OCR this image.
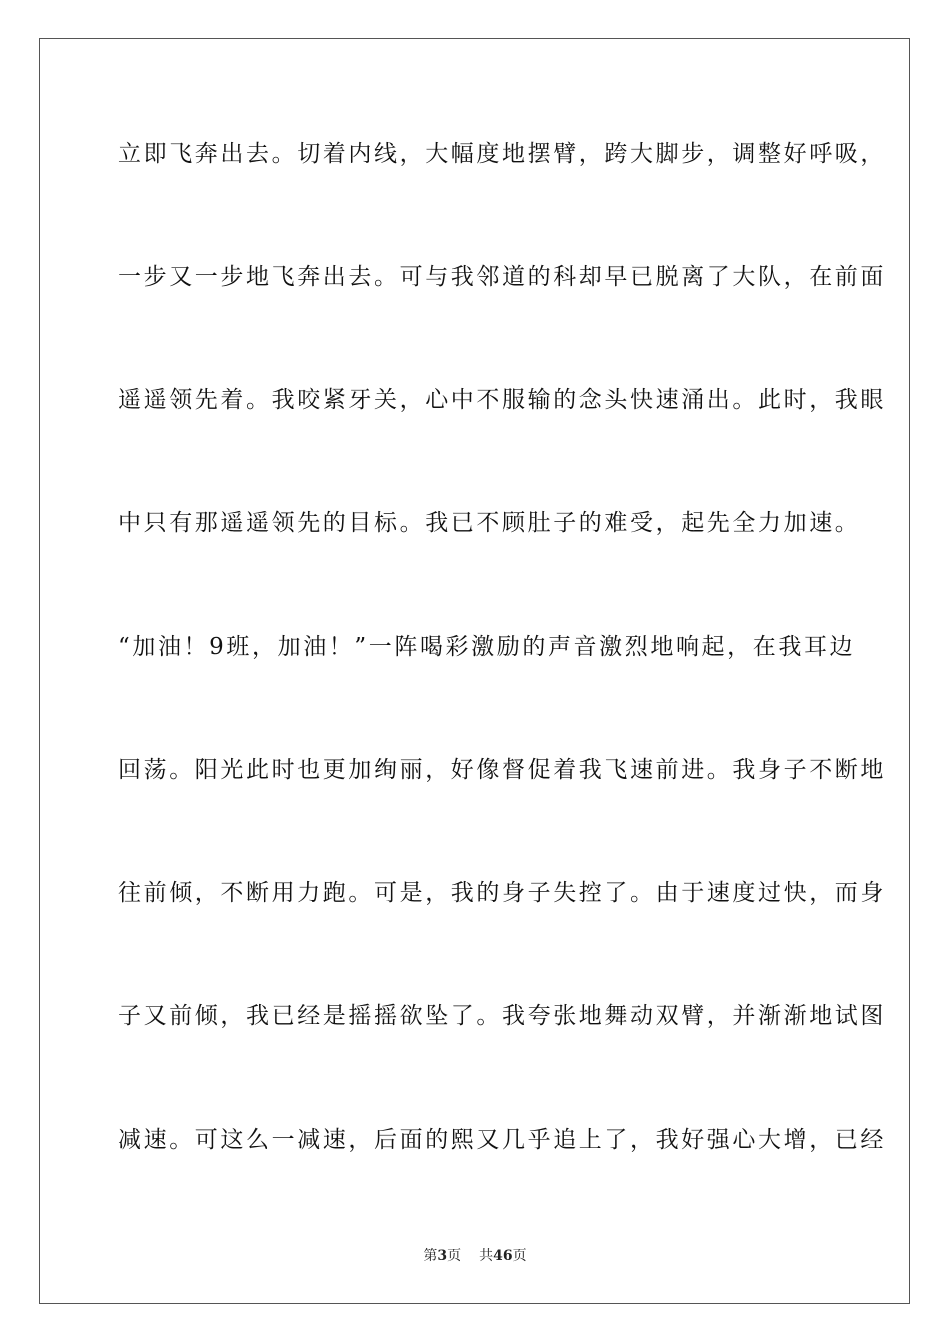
立即飞奔出去。切着内线，大幅度地摆臂，跨大脚步，调整好呼吸，
一步又一步地飞奔出去。可与我邻道的科却早已脱离了大队，在前面
遥遥领先着。我咬紧牙关，心中不服输的念头快速涌出。此时，我眼
中只有那遥遥领先的目标。我已不顾肚子的难受，起先全力加速。
“加油！9班，加油！”一阵喝彩激励的声音激烈地响起，在我耳边
回荡。阳光此时也更加绚丽，好像督促着我飞速前进。我身子不断地
往前倾，不断用力跑。可是，我的身子失控了。由于速度过快，而身
子又前倾，我已经是摇摇欲坠了。我夸张地舞动双臂，并渐渐地试图
减速。可这么一减速，后面的熙又几乎追上了，我好强心大增，已经
第3页 共46页
